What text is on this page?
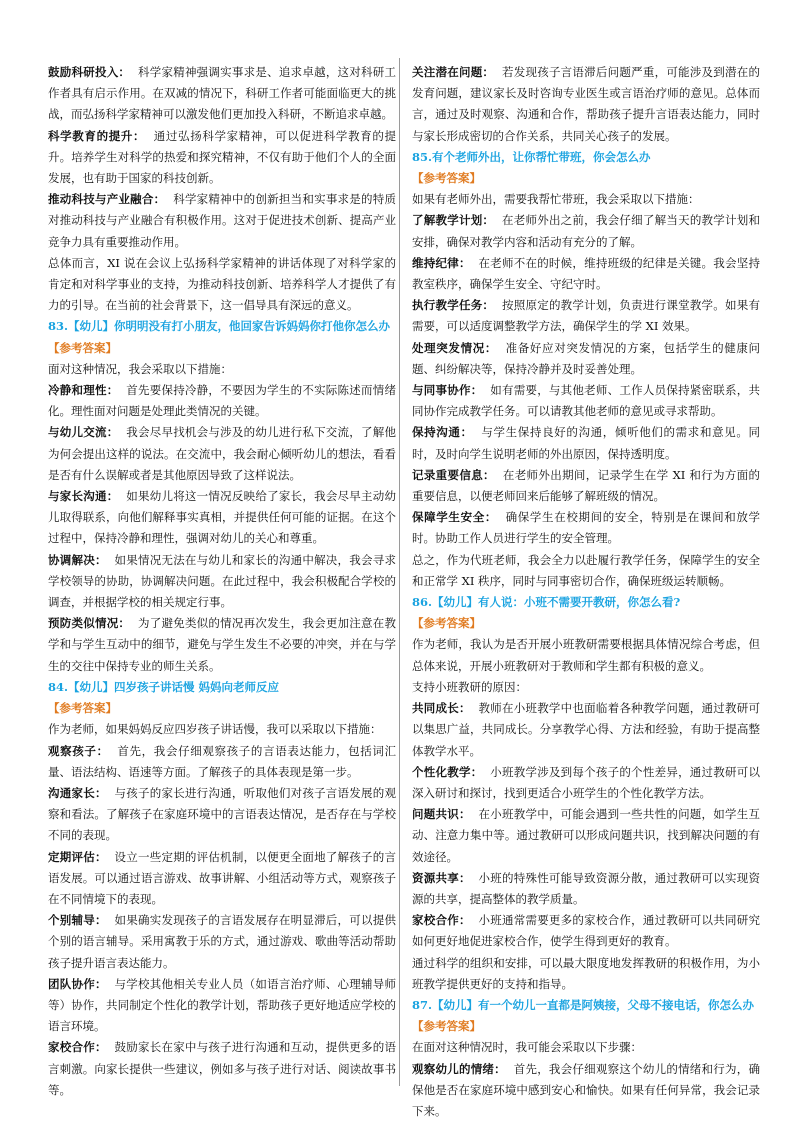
鼓励科研投入： 科学家精神强调实事求是、追求卓越，这对科研工作者具有启示作用。在双减的情况下，科研工作者可能面临更大的挑战，而弘扬科学家精神可以激发他们更加投入科研，不断追求卓越。

科学教育的提升： 通过弘扬科学家精神，可以促进科学教育的提升。培养学生对科学的热爱和探究精神，不仅有助于他们个人的全面发展，也有助于国家的科技创新。

推动科技与产业融合： 科学家精神中的创新担当和实事求是的特质对推动科技与产业融合有积极作用。这对于促进技术创新、提高产业竞争力具有重要推动作用。

总体而言，XI 说在会议上弘扬科学家精神的讲话体现了对科学家的肯定和对科学事业的支持，为推动科技创新、培养科学人才提供了有力的引导。在当前的社会背景下，这一倡导具有深远的意义。

83.【幼儿】你明明没有打小朋友，他回家告诉妈妈你打他你怎么办

【参考答案】

面对这种情况，我会采取以下措施：

冷静和理性： 首先要保持冷静，不要因为学生的不实际陈述而情绪化。理性面对问题是处理此类情况的关键。

与幼儿交流： 我会尽早找机会与涉及的幼儿进行私下交流，了解他为何会提出这样的说法。在交流中，我会耐心倾听幼儿的想法，看看是否有什么误解或者是其他原因导致了这样说法。

与家长沟通： 如果幼儿将这一情况反映给了家长，我会尽早主动幼儿取得联系，向他们解释事实真相，并提供任何可能的证据。在这个过程中，保持冷静和理性，强调对幼儿的关心和尊重。

协调解决： 如果情况无法在与幼儿和家长的沟通中解决，我会寻求学校领导的协助，协调解决问题。在此过程中，我会积极配合学校的调查，并根据学校的相关规定行事。

预防类似情况： 为了避免类似的情况再次发生，我会更加注意在教学和与学生互动中的细节，避免与学生发生不必要的冲突，并在与学生的交往中保持专业的师生关系。

84.【幼儿】四岁孩子讲话慢 妈妈向老师反应

【参考答案】

作为老师，如果妈妈反应四岁孩子讲话慢，我可以采取以下措施：

观察孩子： 首先，我会仔细观察孩子的言语表达能力，包括词汇量、语法结构、语速等方面。了解孩子的具体表现是第一步。

沟通家长： 与孩子的家长进行沟通，听取他们对孩子言语发展的观察和看法。了解孩子在家庭环境中的言语表达情况，是否存在与学校不同的表现。

定期评估： 设立一些定期的评估机制，以便更全面地了解孩子的言语发展。可以通过语言游戏、故事讲解、小组活动等方式，观察孩子在不同情境下的表现。

个别辅导： 如果确实发现孩子的言语发展存在明显滞后，可以提供个别的语言辅导。采用寓教于乐的方式，通过游戏、歌曲等活动帮助孩子提升语言表达能力。

团队协作： 与学校其他相关专业人员（如语言治疗师、心理辅导师等）协作，共同制定个性化的教学计划，帮助孩子更好地适应学校的语言环境。

家校合作： 鼓励家长在家中与孩子进行沟通和互动，提供更多的语言刺激。向家长提供一些建议，例如多与孩子进行对话、阅读故事书等。

关注潜在问题： 若发现孩子言语滞后问题严重，可能涉及到潜在的发育问题，建议家长及时咨询专业医生或言语治疗师的意见。总体而言，通过及时观察、沟通和合作，帮助孩子提升言语表达能力，同时与家长形成密切的合作关系，共同关心孩子的发展。

85.有个老师外出，让你帮忙带班，你会怎么办

【参考答案】

如果有老师外出，需要我帮忙带班，我会采取以下措施：

了解教学计划： 在老师外出之前，我会仔细了解当天的教学计划和安排，确保对教学内容和活动有充分的了解。

维持纪律： 在老师不在的时候，维持班级的纪律是关键。我会坚持教室秩序，确保学生安全、守纪守时。

执行教学任务： 按照原定的教学计划，负责进行课堂教学。如果有需要，可以适度调整教学方法，确保学生的学 XI 效果。

处理突发情况： 准备好应对突发情况的方案，包括学生的健康问题、纠纷解决等，保持冷静并及时妥善处理。

与同事协作： 如有需要，与其他老师、工作人员保持紧密联系，共同协作完成教学任务。可以请教其他老师的意见或寻求帮助。

保持沟通： 与学生保持良好的沟通，倾听他们的需求和意见。同时，及时向学生说明老师的外出原因，保持透明度。

记录重要信息： 在老师外出期间，记录学生在学 XI 和行为方面的重要信息，以便老师回来后能够了解班级的情况。

保障学生安全： 确保学生在校期间的安全，特别是在课间和放学时。协助工作人员进行学生的安全管理。

总之，作为代班老师，我会全力以赴履行教学任务，保障学生的安全和正常学 XI 秩序，同时与同事密切合作，确保班级运转顺畅。

86.【幼儿】有人说：小班不需要开教研，你怎么看?

【参考答案】

作为老师，我认为是否开展小班教研需要根据具体情况综合考虑，但总体来说，开展小班教研对于教师和学生都有积极的意义。

支持小班教研的原因：

共同成长： 教师在小班教学中也面临着各种教学问题，通过教研可以集思广益，共同成长。分享教学心得、方法和经验，有助于提高整体教学水平。

个性化教学： 小班教学涉及到每个孩子的个性差异，通过教研可以深入研讨和探讨，找到更适合小班学生的个性化教学方法。

问题共识： 在小班教学中，可能会遇到一些共性的问题，如学生互动、注意力集中等。通过教研可以形成问题共识，找到解决问题的有效途径。

资源共享： 小班的特殊性可能导致资源分散，通过教研可以实现资源的共享，提高整体的教学质量。

家校合作： 小班通常需要更多的家校合作，通过教研可以共同研究如何更好地促进家校合作，使学生得到更好的教育。

通过科学的组织和安排，可以最大限度地发挥教研的积极作用，为小班教学提供更好的支持和指导。

87.【幼儿】有一个幼儿一直都是阿姨接，父母不接电话，你怎么办

【参考答案】

在面对这种情况时，我可能会采取以下步骤：

观察幼儿的情绪： 首先，我会仔细观察这个幼儿的情绪和行为，确保他是否在家庭环境中感到安心和愉快。如果有任何异常，我会记录下来。
